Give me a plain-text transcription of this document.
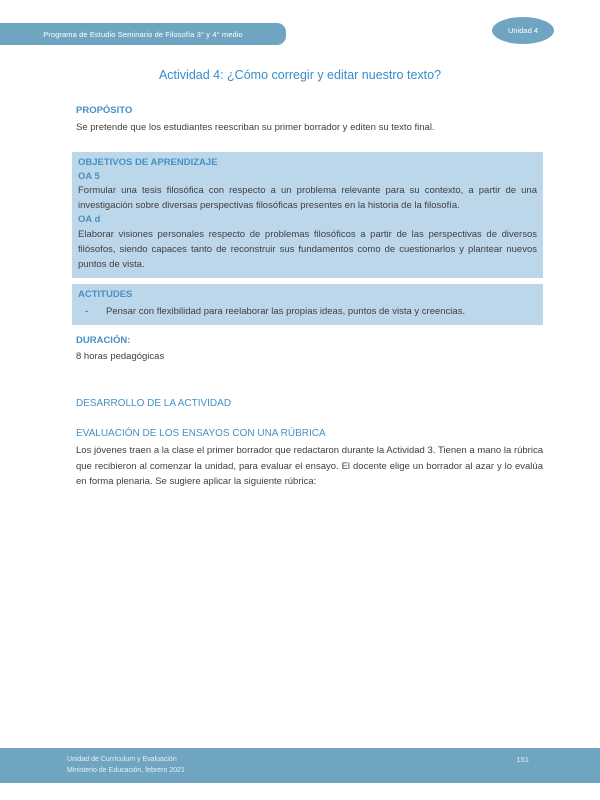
Programa de Estudio Seminario de Filosofía 3° y 4° medio	Unidad 4
Actividad 4: ¿Cómo corregir y editar nuestro texto?
PROPÓSITO
Se pretende que los estudiantes reescriban su primer borrador y editen su texto final.
OBJETIVOS DE APRENDIZAJE
OA 5
Formular una tesis filosófica con respecto a un problema relevante para su contexto, a partir de una investigación sobre diversas perspectivas filosóficas presentes en la historia de la filosofía.
OA d
Elaborar visiones personales respecto de problemas filosóficos a partir de las perspectivas de diversos filósofos, siendo capaces tanto de reconstruir sus fundamentos como de cuestionarlos y plantear nuevos puntos de vista.
ACTITUDES
-	Pensar con flexibilidad para reelaborar las propias ideas, puntos de vista y creencias.
DURACIÓN:
8 horas pedagógicas
DESARROLLO DE LA ACTIVIDAD
EVALUACIÓN DE LOS ENSAYOS CON UNA RÚBRICA
Los jóvenes traen a la clase el primer borrador que redactaron durante la Actividad 3. Tienen a mano la rúbrica que recibieron al comenzar la unidad, para evaluar el ensayo. El docente elige un borrador al azar y lo evalúa en forma plenaria. Se sugiere aplicar la siguiente rúbrica:
Unidad de Currículum y Evaluación
Ministerio de Educación, febrero 2021
151
